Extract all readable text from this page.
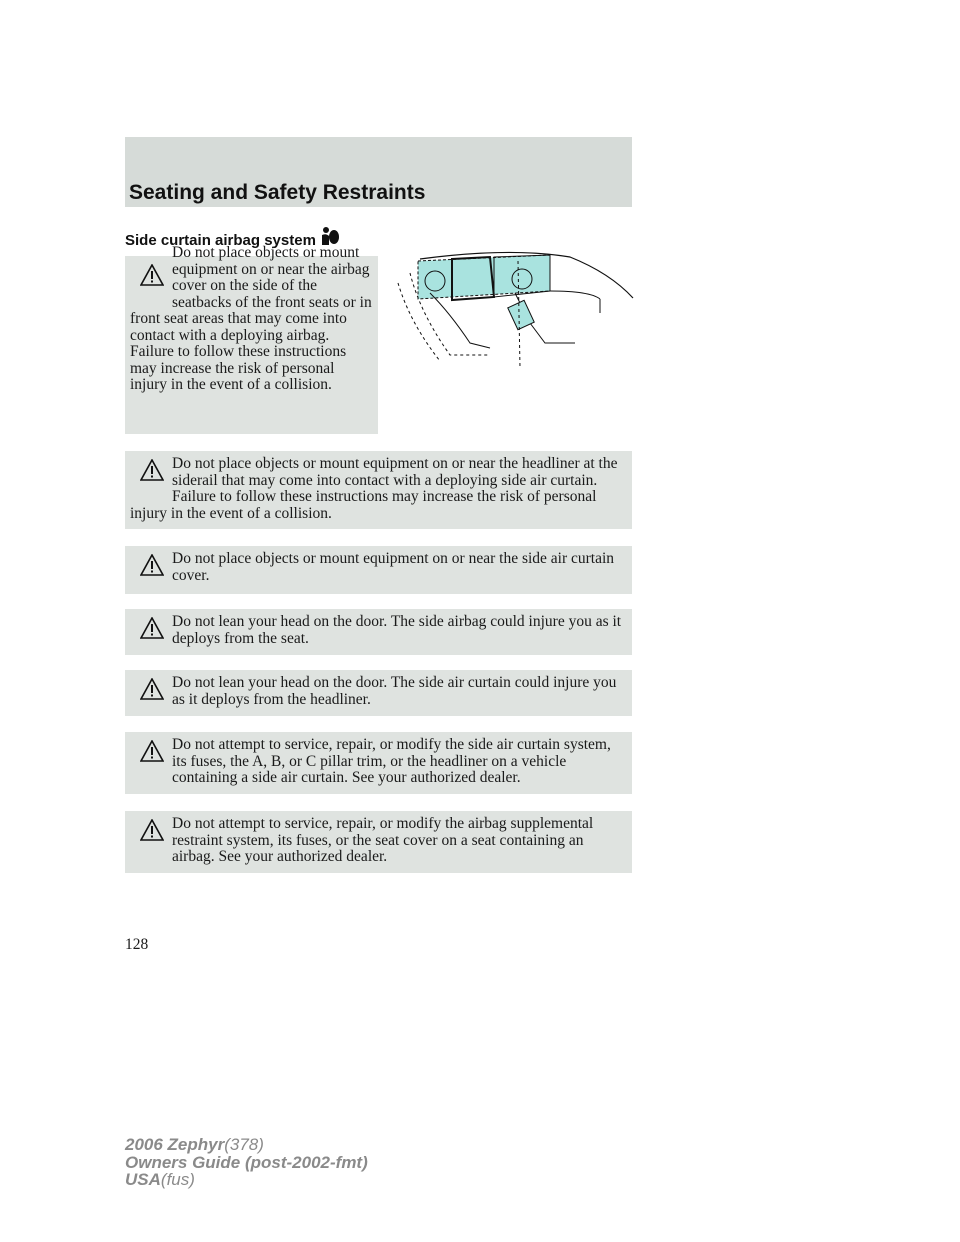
Seating and Safety Restraints
Side curtain airbag system
Do not place objects or mount equipment on or near the airbag cover on the side of the seatbacks of the front seats or in front seat areas that may come into contact with a deploying airbag. Failure to follow these instructions may increase the risk of personal injury in the event of a collision.
Do not place objects or mount equipment on or near the headliner at the siderail that may come into contact with a deploying side air curtain. Failure to follow these instructions may increase the risk of personal injury in the event of a collision.
Do not place objects or mount equipment on or near the side air curtain cover.
Do not lean your head on the door. The side airbag could injure you as it deploys from the seat.
Do not lean your head on the door. The side air curtain could injure you as it deploys from the headliner.
Do not attempt to service, repair, or modify the side air curtain system, its fuses, the A, B, or C pillar trim, or the headliner on a vehicle containing a side air curtain. See your authorized dealer.
Do not attempt to service, repair, or modify the airbag supplemental restraint system, its fuses, or the seat cover on a seat containing an airbag. See your authorized dealer.
128
2006 Zephyr(378)
Owners Guide (post-2002-fmt)
USA(fus)
